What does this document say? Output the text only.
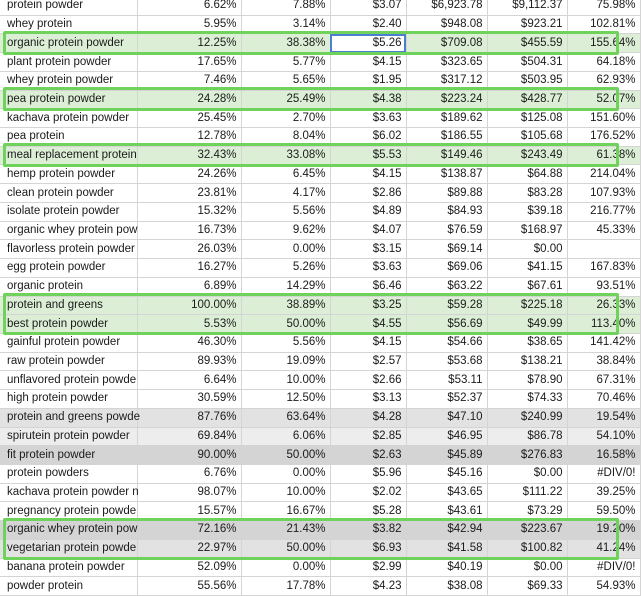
protein powder	6.62%	7.88%	$3.07	$6,923.78	$9,112.37	75.98%
whey protein	5.95%	3.14%	$2.40	$948.08	$923.21	102.81%
organic protein powder	12.25%	38.38%	$5.26	$709.08	$455.59	155.64%
plant protein powder	17.65%	5.77%	$4.15	$323.65	$504.31	64.18%
whey protein powder	7.46%	5.65%	$1.95	$317.12	$503.95	62.93%
pea protein powder	24.28%	25.49%	$4.38	$223.24	$428.77	52.07%
kachava protein powder	25.45%	2.70%	$3.63	$189.62	$125.08	151.60%
pea protein	12.78%	8.04%	$6.02	$186.55	$105.68	176.52%
meal replacement protein	32.43%	33.08%	$5.53	$149.46	$243.49	61.38%
hemp protein powder	24.26%	6.45%	$4.15	$138.87	$64.88	214.04%
clean protein powder	23.81%	4.17%	$2.86	$89.88	$83.28	107.93%
isolate protein powder	15.32%	5.56%	$4.89	$84.93	$39.18	216.77%
organic whey protein pow	16.73%	9.62%	$4.07	$76.59	$168.97	45.33%
flavorless protein powder	26.03%	0.00%	$3.15	$69.14	$0.00	
egg protein powder	16.27%	5.26%	$3.63	$69.06	$41.15	167.83%
organic protein	6.89%	14.29%	$6.46	$63.22	$67.61	93.51%
protein and greens	100.00%	38.89%	$3.25	$59.28	$225.18	26.33%
best protein powder	5.53%	50.00%	$4.55	$56.69	$49.99	113.40%
gainful protein powder	46.30%	5.56%	$4.15	$54.66	$38.65	141.42%
raw protein powder	89.93%	19.09%	$2.57	$53.68	$138.21	38.84%
unflavored protein powde	6.64%	10.00%	$2.66	$53.11	$78.90	67.31%
high protein powder	30.59%	12.50%	$3.13	$52.37	$74.33	70.46%
protein and greens powde	87.76%	63.64%	$4.28	$47.10	$240.99	19.54%
spirutein protein powder	69.84%	6.06%	$2.85	$46.95	$86.78	54.10%
fit protein powder	90.00%	50.00%	$2.63	$45.89	$276.83	16.58%
protein powders	6.76%	0.00%	$5.96	$45.16	$0.00	#DIV/0!
kachava protein powder n	98.07%	10.00%	$2.02	$43.65	$111.22	39.25%
pregnancy protein powde	15.57%	16.67%	$5.28	$43.61	$73.29	59.50%
organic whey protein pow	72.16%	21.43%	$3.82	$42.94	$223.67	19.20%
vegetarian protein powde	22.97%	50.00%	$6.93	$41.58	$100.82	41.24%
banana protein powder	52.09%	0.00%	$2.99	$40.19	$0.00	#DIV/0!
powder protein	55.56%	17.78%	$4.23	$38.08	$69.33	54.93%
